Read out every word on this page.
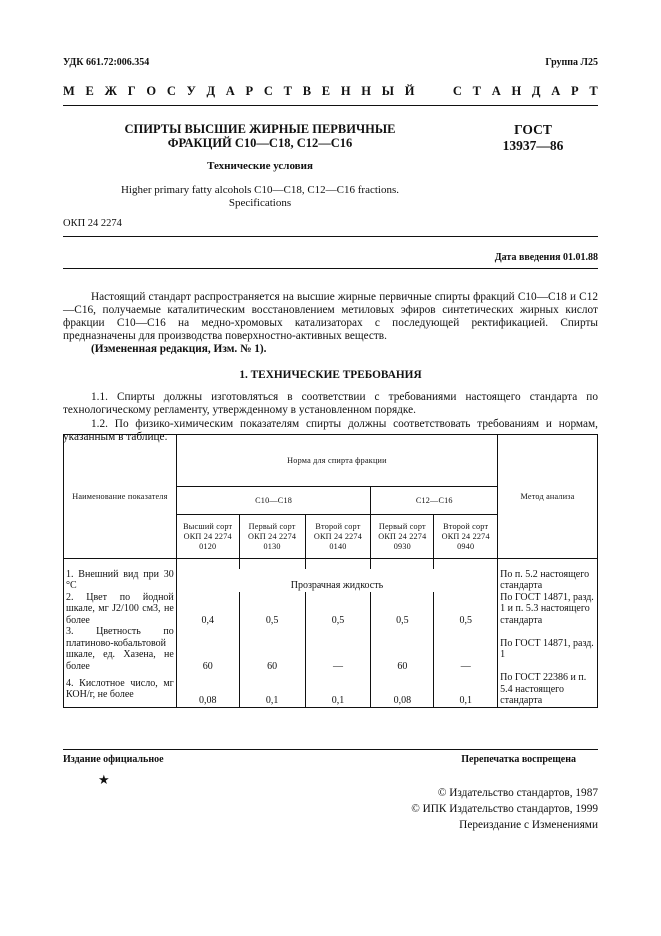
УДК 661.72:006.354	Группа Л25
М Е Ж Г О С У Д А Р С Т В Е Н Н Ы Й

	С Т А Н Д А Р Т
СПИРТЫ ВЫСШИЕ ЖИРНЫЕ ПЕРВИЧНЫЕ
ФРАКЦИЙ С10—С18, С12—С16
ГОСТ
13937—86
Технические условия
Higher primary fatty alcohols C10—C18, C12—C16 fractions.
Specifications
ОКП 24 2274
Дата введения 01.01.88
Настоящий стандарт распространяется на высшие жирные первичные спирты фракций С10—С18 и С12—С16, получаемые каталитическим восстановлением метиловых эфиров синтетических жирных кислот фракции С10—С16 на медно-хромовых катализаторах с последующей ректификацией. Спирты предназначены для производства поверхностно-активных веществ.
(Измененная редакция, Изм. № 1).
1. ТЕХНИЧЕСКИЕ ТРЕБОВАНИЯ
1.1. Спирты должны изготовляться в соответствии с требованиями настоящего стандарта по технологическому регламенту, утвержденному в установленном порядке.
1.2. По физико-химическим показателям спирты должны соответствовать требованиям и нормам, указанным в таблице.
Наименование показателя	Норма для спирта фракции					Метод анализа
	С10—С18			С12—С16		
	Высший сорт ОКП 24 2274 0120	Первый сорт ОКП 24 2274 0130	Второй сорт ОКП 24 2274 0140	Первый сорт ОКП 24 2274 0930	Второй сорт ОКП 24 2274 0940	

1. Внешний вид при 30 °С	Прозрачная жидкость					По п. 5.2 настоящего стандарта
2. Цвет по йодной шкале, мг J2/100 см3, не более	0,4	0,5	0,5	0,5	0,5	По ГОСТ 14871, разд. 1 и п. 5.3 настоящего стандарта
3. Цветность по платиново-кобальтовой шкале, ед. Хазена, не более	60	60	—	60	—	По ГОСТ 14871, разд. 1
4. Кислотное число, мг КОН/г, не более	0,08	0,1	0,1	0,08	0,1	По ГОСТ 22386 и п. 5.4 настоящего стандарта
Издание официальное	Перепечатка воспрещена
★
© Издательство стандартов, 1987
© ИПК Издательство стандартов, 1999
Переиздание с Изменениями
